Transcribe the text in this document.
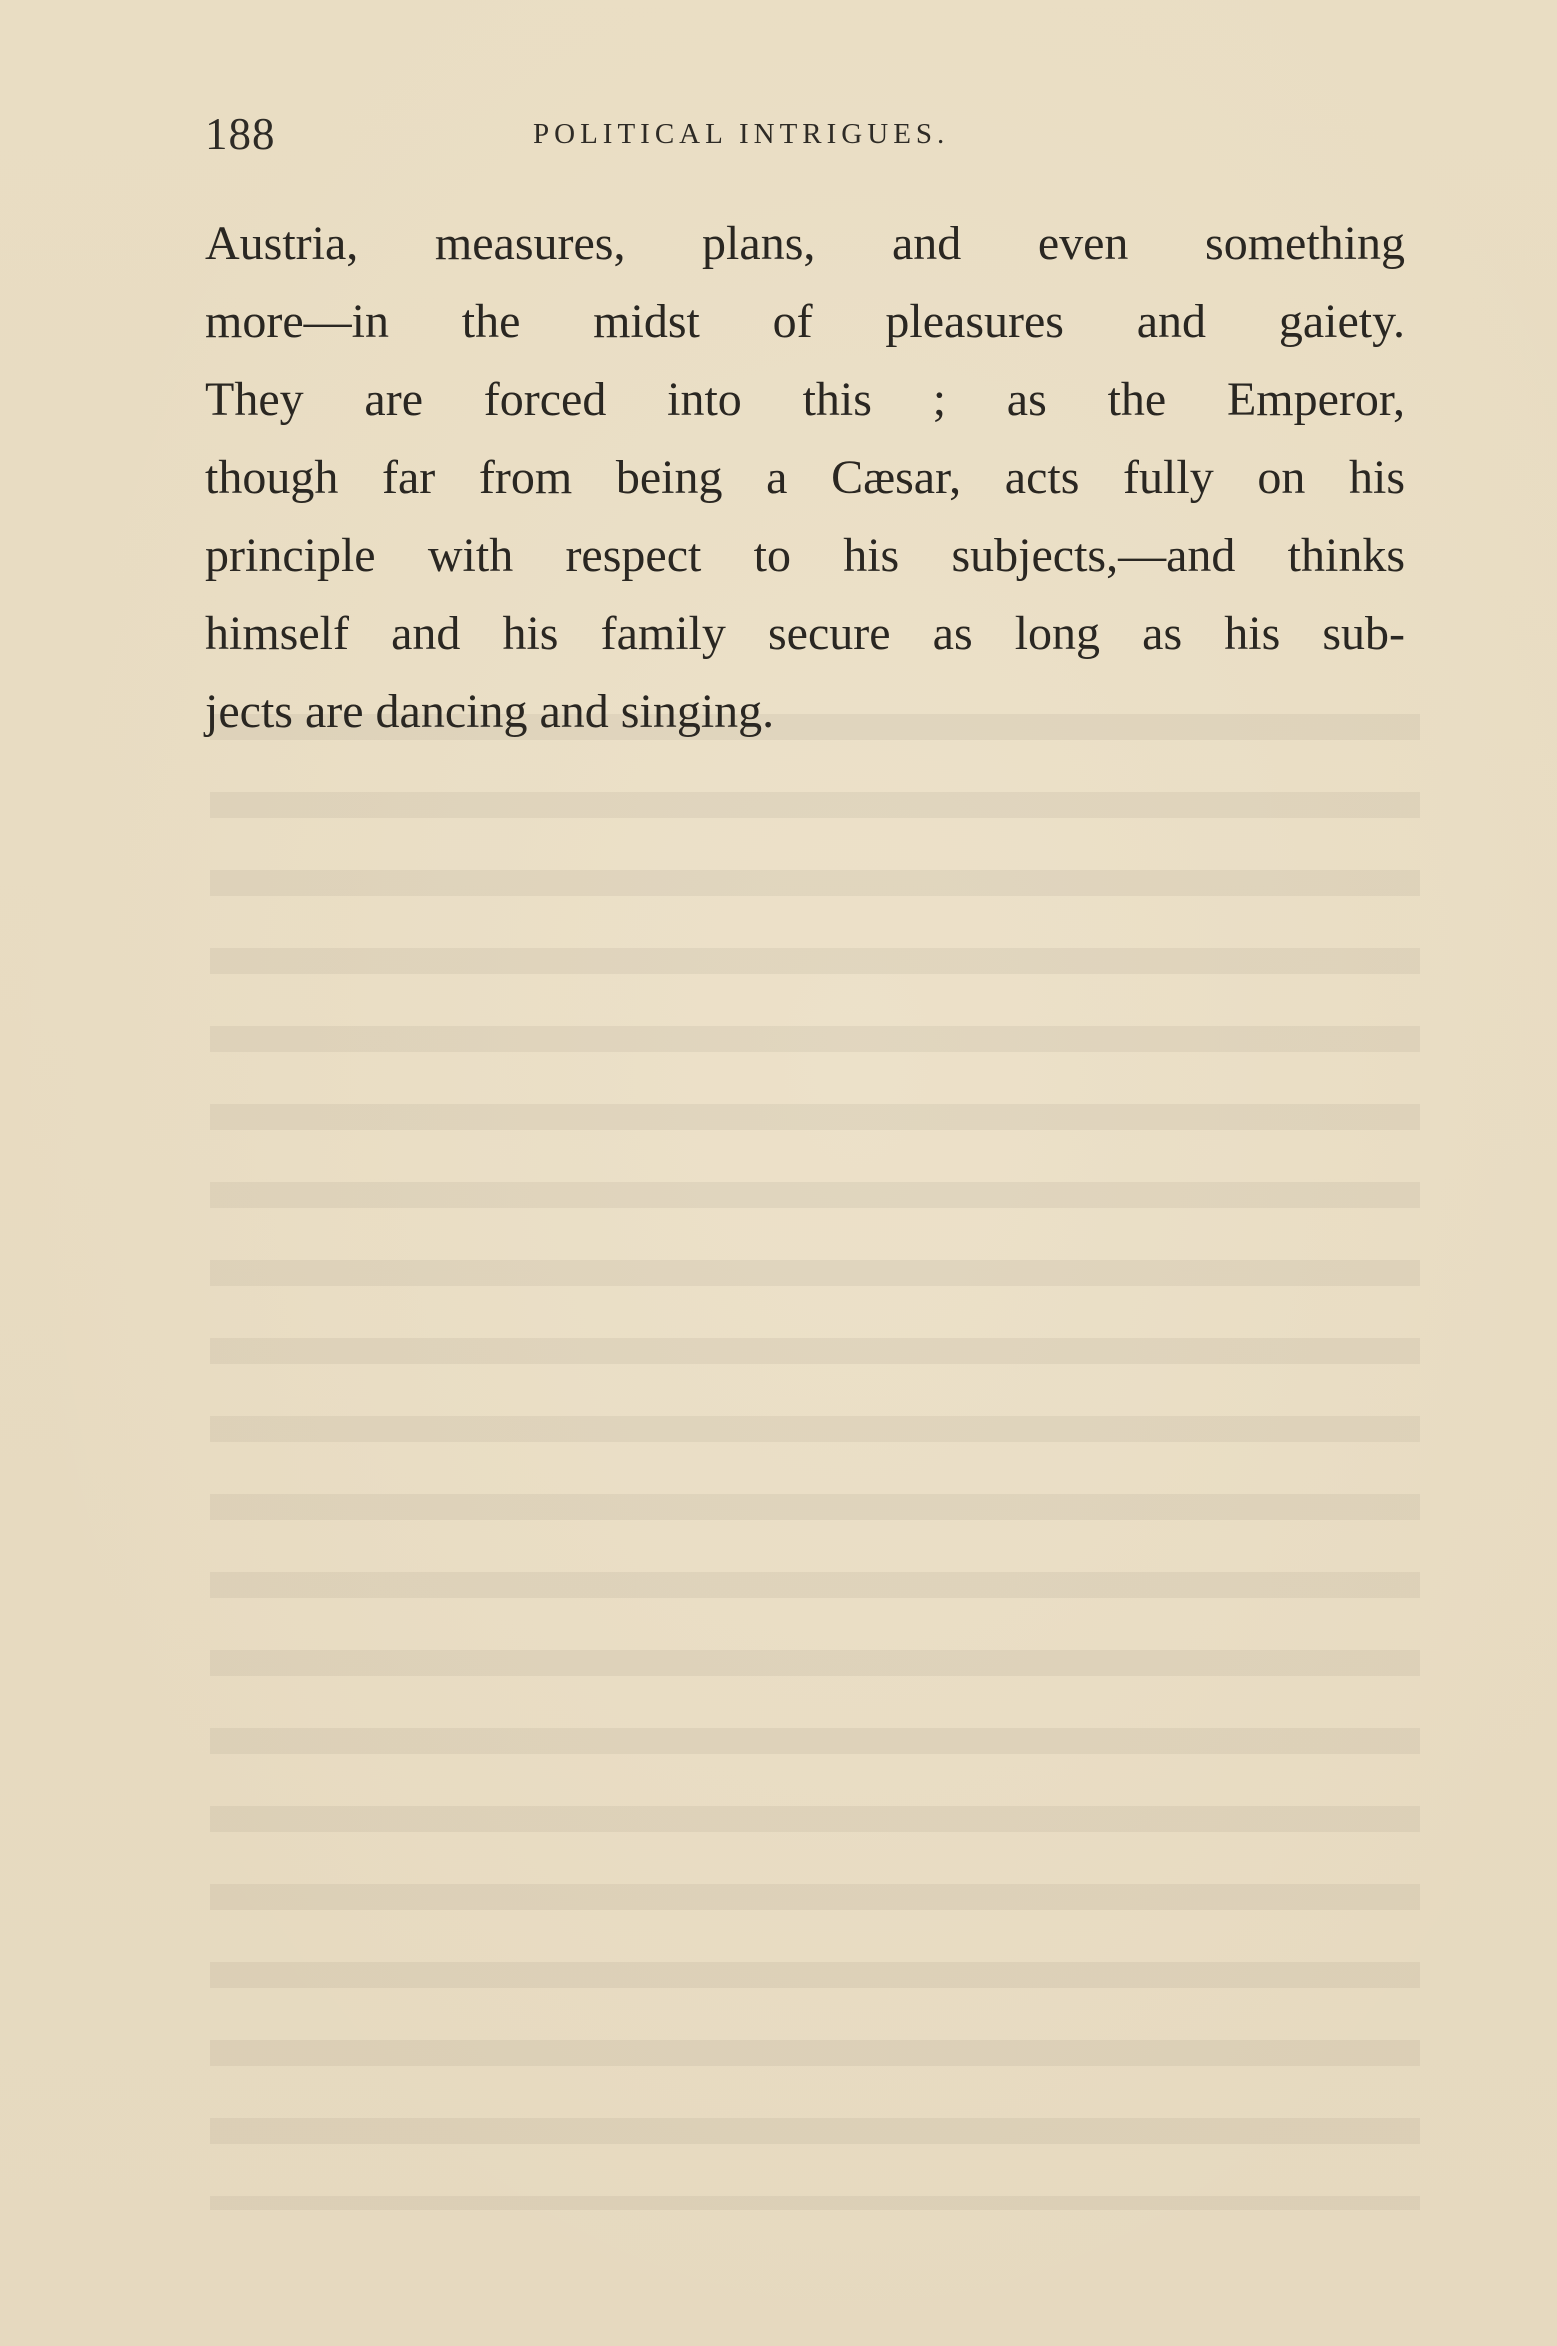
188	POLITICAL INTRIGUES.
Austria, measures, plans, and even something
more—in the midst of pleasures and gaiety.
They are forced into this ; as the Emperor,
though far from being a Cæsar, acts fully on his
principle with respect to his subjects,—and thinks
himself and his family secure as long as his sub-
jects are dancing and singing.
